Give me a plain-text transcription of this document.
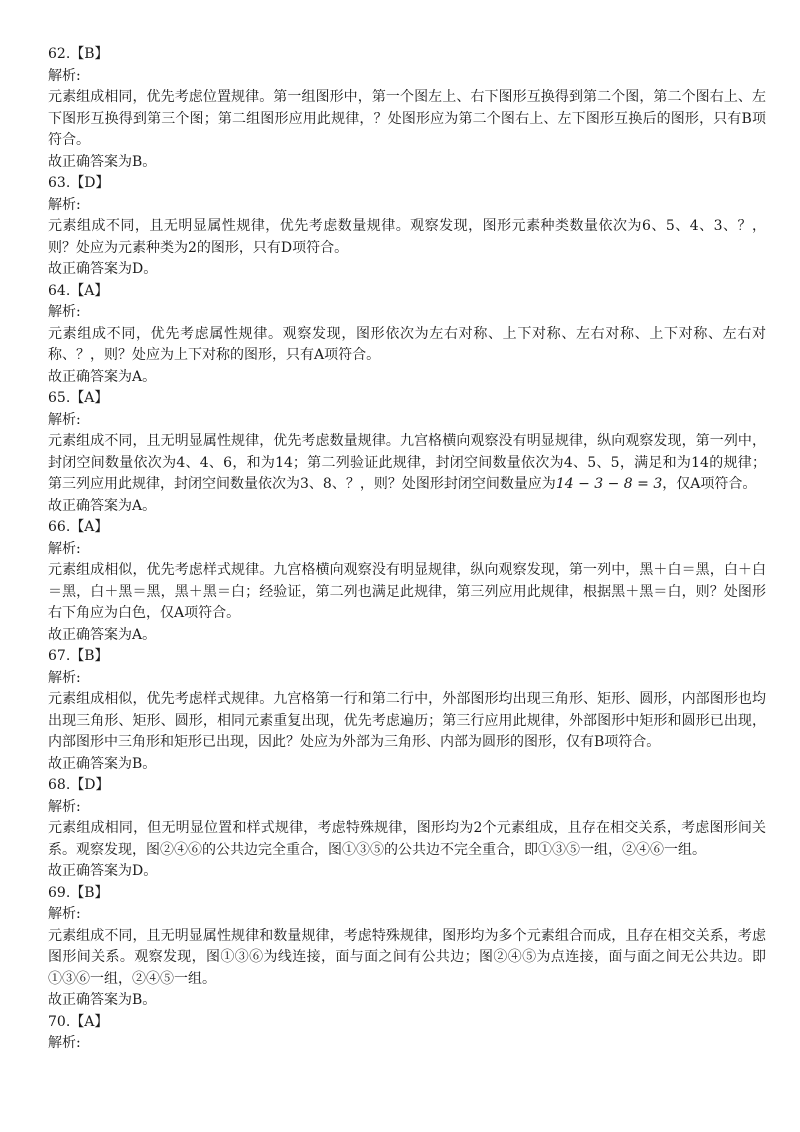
62.【B】
解析:

元素组成相同，优先考虑位置规律。第一组图形中，第一个图左上、右下图形互换得到第二个图，第二个图右上、左下图形互换得到第三个图；第二组图形应用此规律，？处图形应为第二个图右上、左下图形互换后的图形，只有B项符合。

故正确答案为B。
63.【D】
解析:

元素组成不同，且无明显属性规律，优先考虑数量规律。观察发现，图形元素种类数量依次为6、5、4、3、？，则？处应为元素种类为2的图形，只有D项符合。

故正确答案为D。
64.【A】
解析:

元素组成不同，优先考虑属性规律。观察发现，图形依次为左右对称、上下对称、左右对称、上下对称、左右对称、？，则？处应为上下对称的图形，只有A项符合。

故正确答案为A。
65.【A】
解析:

元素组成不同，且无明显属性规律，优先考虑数量规律。九宫格横向观察没有明显规律，纵向观察发现，第一列中，封闭空间数量依次为4、4、6，和为14；第二列验证此规律，封闭空间数量依次为4、5、5，满足和为14的规律；第三列应用此规律，封闭空间数量依次为3、8、？，则？处图形封闭空间数量应为14 − 3 − 8 = 3，仅A项符合。

故正确答案为A。
66.【A】
解析:

元素组成相似，优先考虑样式规律。九宫格横向观察没有明显规律，纵向观察发现，第一列中，黑＋白＝黑，白＋白＝黑，白＋黑＝黑，黑＋黑＝白；经验证，第二列也满足此规律，第三列应用此规律，根据黑＋黑＝白，则？处图形右下角应为白色，仅A项符合。

故正确答案为A。
67.【B】
解析:

元素组成相似，优先考虑样式规律。九宫格第一行和第二行中，外部图形均出现三角形、矩形、圆形，内部图形也均出现三角形、矩形、圆形，相同元素重复出现，优先考虑遍历；第三行应用此规律，外部图形中矩形和圆形已出现，内部图形中三角形和矩形已出现，因此？处应为外部为三角形、内部为圆形的图形，仅有B项符合。

故正确答案为B。
68.【D】
解析:

元素组成相同，但无明显位置和样式规律，考虑特殊规律，图形均为2个元素组成，且存在相交关系，考虑图形间关系。观察发现，图②④⑥的公共边完全重合，图①③⑤的公共边不完全重合，即①③⑤一组，②④⑥一组。

故正确答案为D。
69.【B】
解析:

元素组成不同，且无明显属性规律和数量规律，考虑特殊规律，图形均为多个元素组合而成，且存在相交关系，考虑图形间关系。观察发现，图①③⑥为线连接，面与面之间有公共边；图②④⑤为点连接，面与面之间无公共边。即①③⑥一组，②④⑤一组。

故正确答案为B。
70.【A】
解析:
